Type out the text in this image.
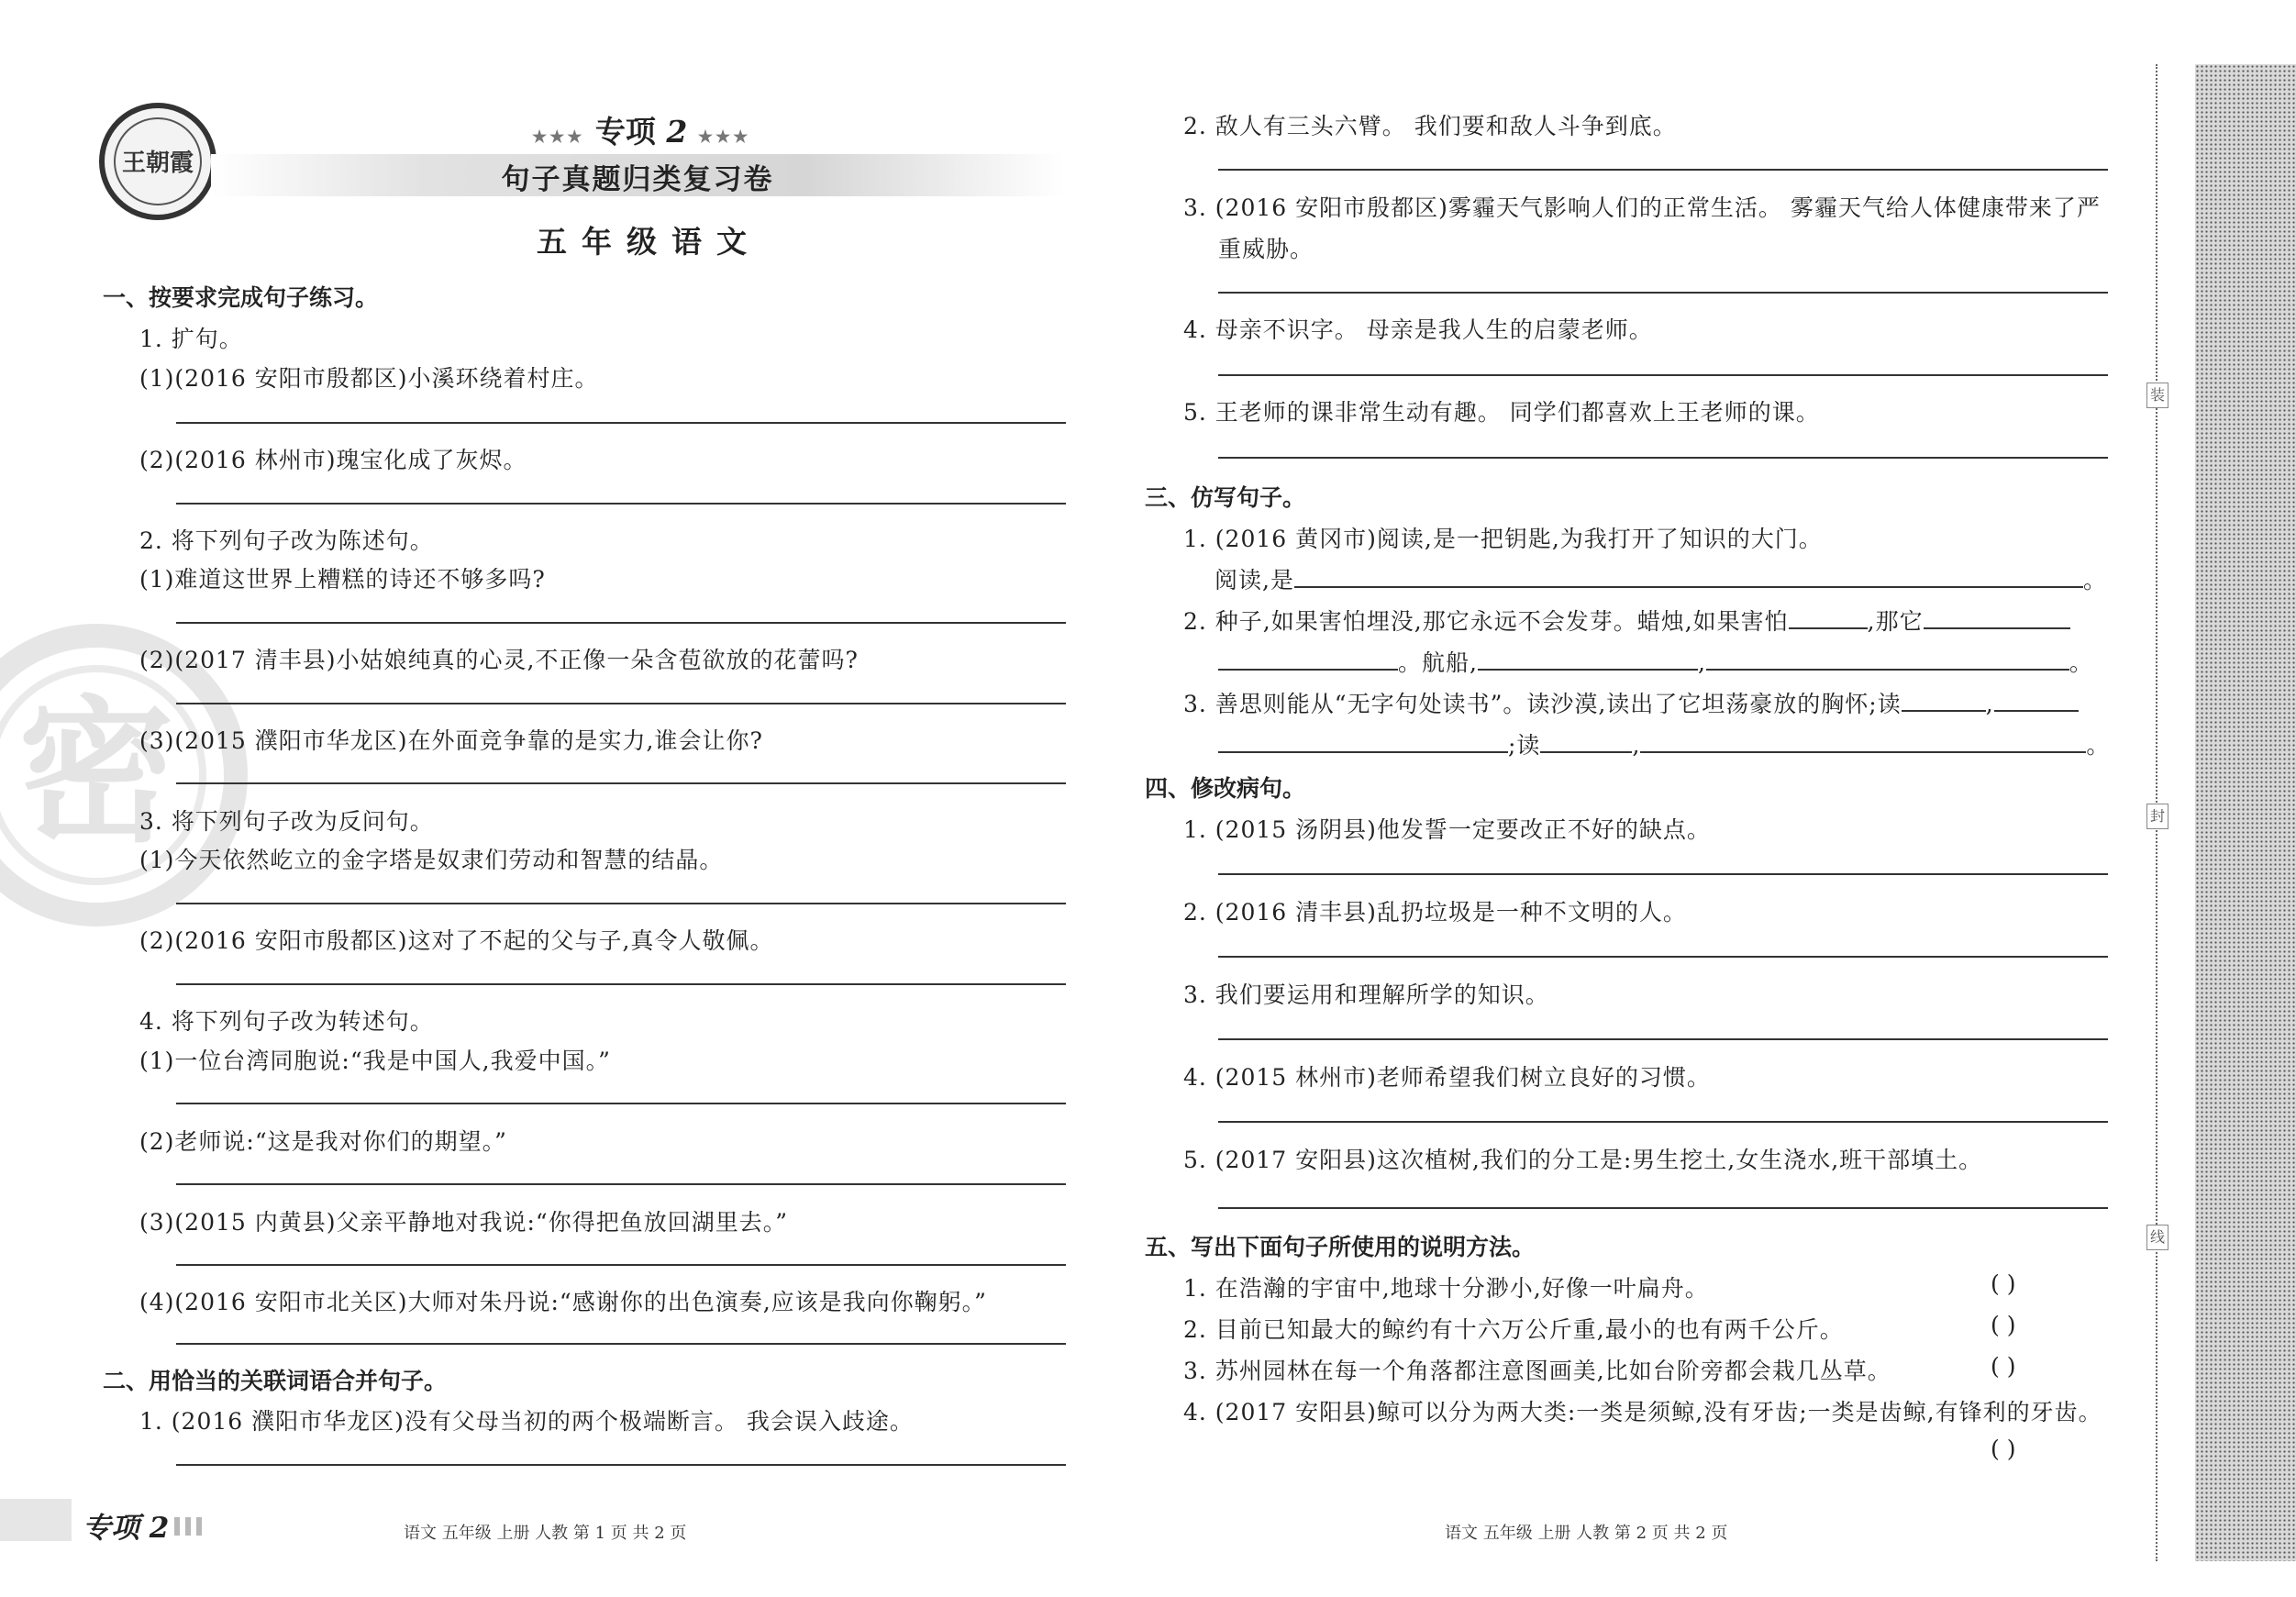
密
王朝霞
★★★ 专项 2 ★★★
句子真题归类复习卷
五年级语文
一、按要求完成句子练习。
1. 扩句。
(1)(2016 安阳市殷都区)小溪环绕着村庄。
(2)(2016 林州市)瑰宝化成了灰烬。
2. 将下列句子改为陈述句。
(1)难道这世界上糟糕的诗还不够多吗?
(2)(2017 清丰县)小姑娘纯真的心灵,不正像一朵含苞欲放的花蕾吗?
(3)(2015 濮阳市华龙区)在外面竞争靠的是实力,谁会让你?
3. 将下列句子改为反问句。
(1)今天依然屹立的金字塔是奴隶们劳动和智慧的结晶。
(2)(2016 安阳市殷都区)这对了不起的父与子,真令人敬佩。
4. 将下列句子改为转述句。
(1)一位台湾同胞说:“我是中国人,我爱中国。”
(2)老师说:“这是我对你们的期望。”
(3)(2015 内黄县)父亲平静地对我说:“你得把鱼放回湖里去。”
(4)(2016 安阳市北关区)大师对朱丹说:“感谢你的出色演奏,应该是我向你鞠躬。”
二、用恰当的关联词语合并句子。
1. (2016 濮阳市华龙区)没有父母当初的两个极端断言。 我会误入歧途。
专项 2	语文 五年级 上册 人教 第 1 页 共 2 页
2. 敌人有三头六臂。 我们要和敌人斗争到底。
3. (2016 安阳市殷都区)雾霾天气影响人们的正常生活。 雾霾天气给人体健康带来了严
重威胁。
4. 母亲不识字。 母亲是我人生的启蒙老师。
5. 王老师的课非常生动有趣。 同学们都喜欢上王老师的课。
三、仿写句子。
1. (2016 黄冈市)阅读,是一把钥匙,为我打开了知识的大门。
阅读,是	。
2. 种子,如果害怕埋没,那它永远不会发芽。蜡烛,如果害怕	,那它
。航船,	,	。
3. 善思则能从“无字句处读书”。读沙漠,读出了它坦荡豪放的胸怀;读	,
;读	,	。
四、修改病句。
1. (2015 汤阴县)他发誓一定要改正不好的缺点。
2. (2016 清丰县)乱扔垃圾是一种不文明的人。
3. 我们要运用和理解所学的知识。
4. (2015 林州市)老师希望我们树立良好的习惯。
5. (2017 安阳县)这次植树,我们的分工是:男生挖土,女生浇水,班干部填土。
五、写出下面句子所使用的说明方法。
1. 在浩瀚的宇宙中,地球十分渺小,好像一叶扁舟。	( )
2. 目前已知最大的鲸约有十六万公斤重,最小的也有两千公斤。	( )
3. 苏州园林在每一个角落都注意图画美,比如台阶旁都会栽几丛草。	( )
4. (2017 安阳县)鲸可以分为两大类:一类是须鲸,没有牙齿;一类是齿鲸,有锋利的牙齿。
( )
语文 五年级 上册 人教 第 2 页 共 2 页
装
封
线
